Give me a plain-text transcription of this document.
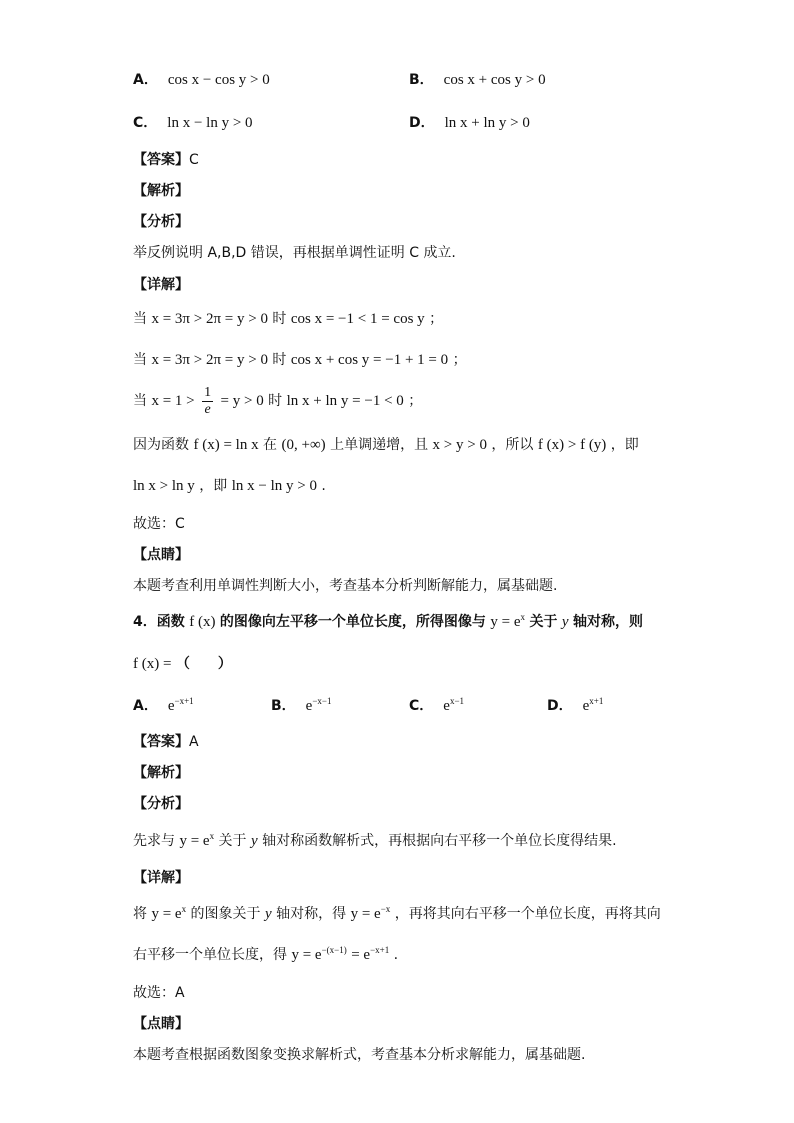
A． cos x − cos y > 0	B． cos x + cos y > 0
C． ln x − ln y > 0	D． ln x + ln y > 0
【答案】C
【解析】
【分析】
举反例说明 A,B,D 错误，再根据单调性证明 C 成立.
【详解】
当 x = 3π > 2π = y > 0 时 cos x = −1 < 1 = cos y ；
当 x = 3π > 2π = y > 0 时 cos x + cos y = −1 + 1 = 0 ；
当 $x = 1 > \frac{1}{e} = y > 0$ 时 ln x + ln y = −1 < 0 ；
因为函数 f (x) = ln x 在 (0, +∞) 上单调递增，且 x > y > 0 ，所以 f (x) > f (y) ，即
ln x > ln y ，即 ln x − ln y > 0 .
故选：C
【点睛】
本题考查利用单调性判断大小，考查基本分析判断解能力，属基础题.
4．函数 f (x) 的图像向左平移一个单位长度，所得图像与 $y = e^x$ 关于 y 轴对称，则
f (x) = （　　）
A． $e^{-x+1}$	B． $e^{-x-1}$	C． $e^{x-1}$	D． $e^{x+1}$
【答案】A
【解析】
【分析】
先求与 $y = e^x$ 关于 y 轴对称函数解析式，再根据向右平移一个单位长度得结果.
【详解】
将 $y = e^x$ 的图象关于 y 轴对称，得 $y = e^{-x}$ ，再将其向右平移一个单位长度，再将其向
右平移一个单位长度，得 $y = e^{-(x-1)} = e^{-x+1}$ .
故选：A
【点睛】
本题考查根据函数图象变换求解析式，考查基本分析求解能力，属基础题.
